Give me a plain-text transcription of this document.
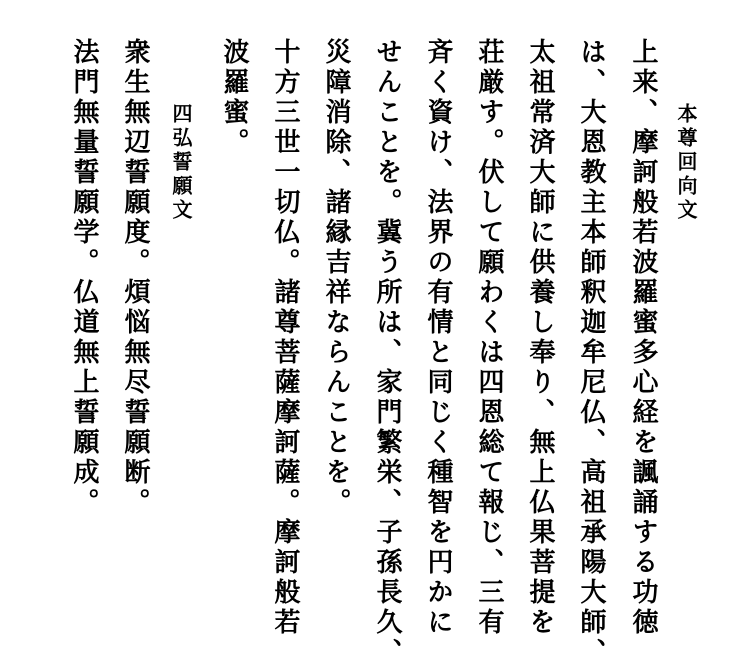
本尊回向文
上来、摩訶般若波羅蜜多心経を諷誦する功徳
は、大恩教主本師釈迦牟尼仏、高祖承陽大師、
太祖常済大師に供養し奉り、無上仏果菩提を
荘厳す。伏して願わくは四恩総て報じ、三有
斉く資け、法界の有情と同じく種智を円かに
せんことを。冀う所は、家門繁栄、子孫長久、
災障消除、諸縁吉祥ならんことを。
十方三世一切仏。諸尊菩薩摩訶薩。摩訶般若
波羅蜜。
四弘誓願文
衆生無辺誓願度。煩悩無尽誓願断。
法門無量誓願学。仏道無上誓願成。
